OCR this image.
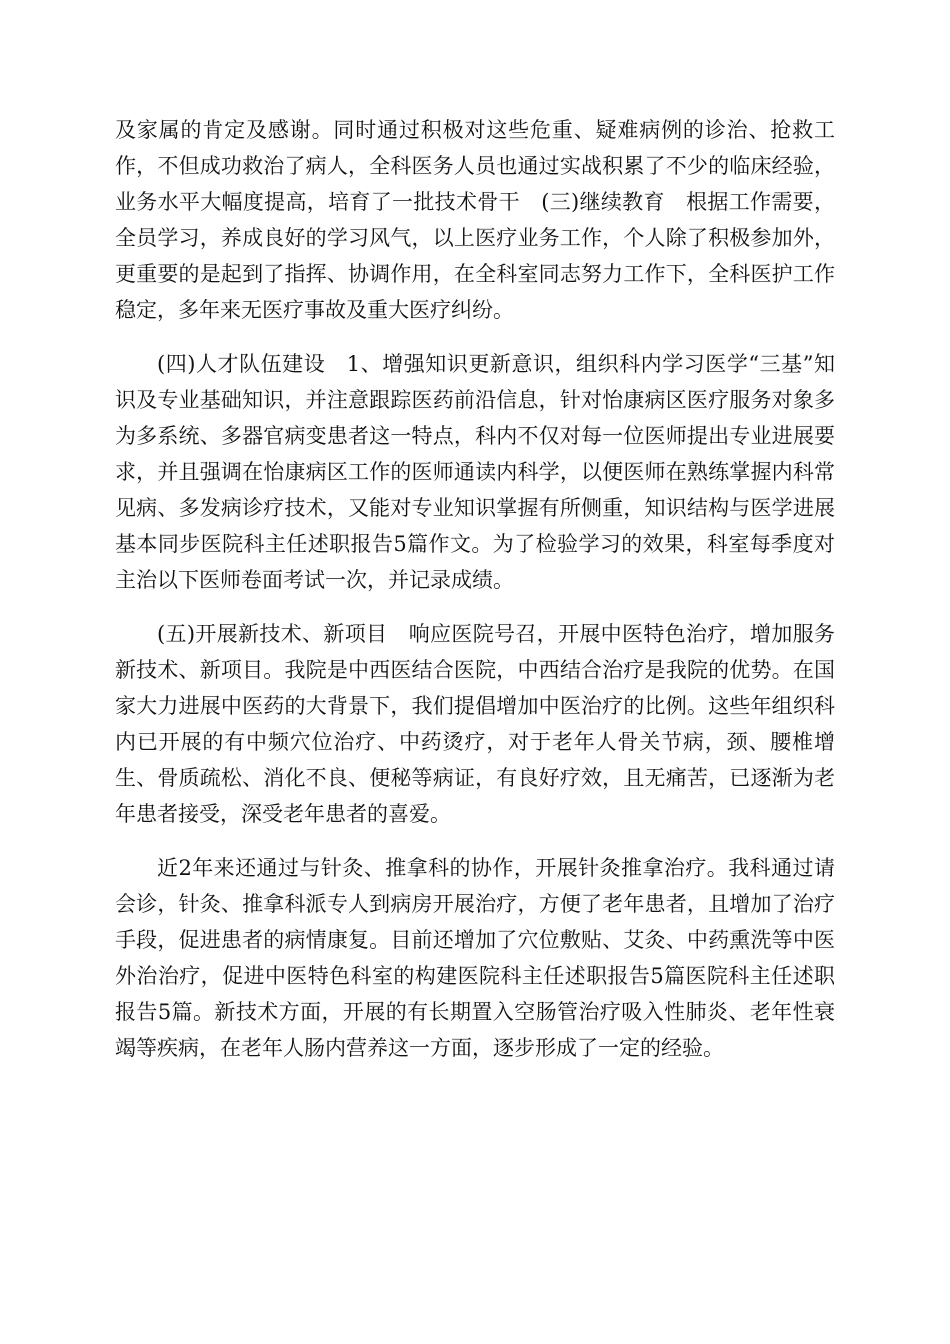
及家属的肯定及感谢。同时通过积极对这些危重、疑难病例的诊治、抢救工作，不但成功救治了病人，全科医务人员也通过实战积累了不少的临床经验，业务水平大幅度提高，培育了一批技术骨干　(三)继续教育　根据工作需要，全员学习，养成良好的学习风气，以上医疗业务工作，个人除了积极参加外，更重要的是起到了指挥、协调作用，在全科室同志努力工作下，全科医护工作稳定，多年来无医疗事故及重大医疗纠纷。

(四)人才队伍建设　1、增强知识更新意识，组织科内学习医学“三基”知识及专业基础知识，并注意跟踪医药前沿信息，针对怡康病区医疗服务对象多为多系统、多器官病变患者这一特点，科内不仅对每一位医师提出专业进展要求，并且强调在怡康病区工作的医师通读内科学，以便医师在熟练掌握内科常见病、多发病诊疗技术，又能对专业知识掌握有所侧重，知识结构与医学进展基本同步医院科主任述职报告5篇作文。为了检验学习的效果，科室每季度对主治以下医师卷面考试一次，并记录成绩。

(五)开展新技术、新项目　响应医院号召，开展中医特色治疗，增加服务新技术、新项目。我院是中西医结合医院，中西结合治疗是我院的优势。在国家大力进展中医药的大背景下，我们提倡增加中医治疗的比例。这些年组织科内已开展的有中频穴位治疗、中药烫疗，对于老年人骨关节病，颈、腰椎增生、骨质疏松、消化不良、便秘等病证，有良好疗效，且无痛苦，已逐渐为老年患者接受，深受老年患者的喜爱。

近2年来还通过与针灸、推拿科的协作，开展针灸推拿治疗。我科通过请会诊，针灸、推拿科派专人到病房开展治疗，方便了老年患者，且增加了治疗手段，促进患者的病情康复。目前还增加了穴位敷贴、艾灸、中药熏洗等中医外治治疗，促进中医特色科室的构建医院科主任述职报告5篇医院科主任述职报告5篇。新技术方面，开展的有长期置入空肠管治疗吸入性肺炎、老年性衰竭等疾病，在老年人肠内营养这一方面，逐步形成了一定的经验。
